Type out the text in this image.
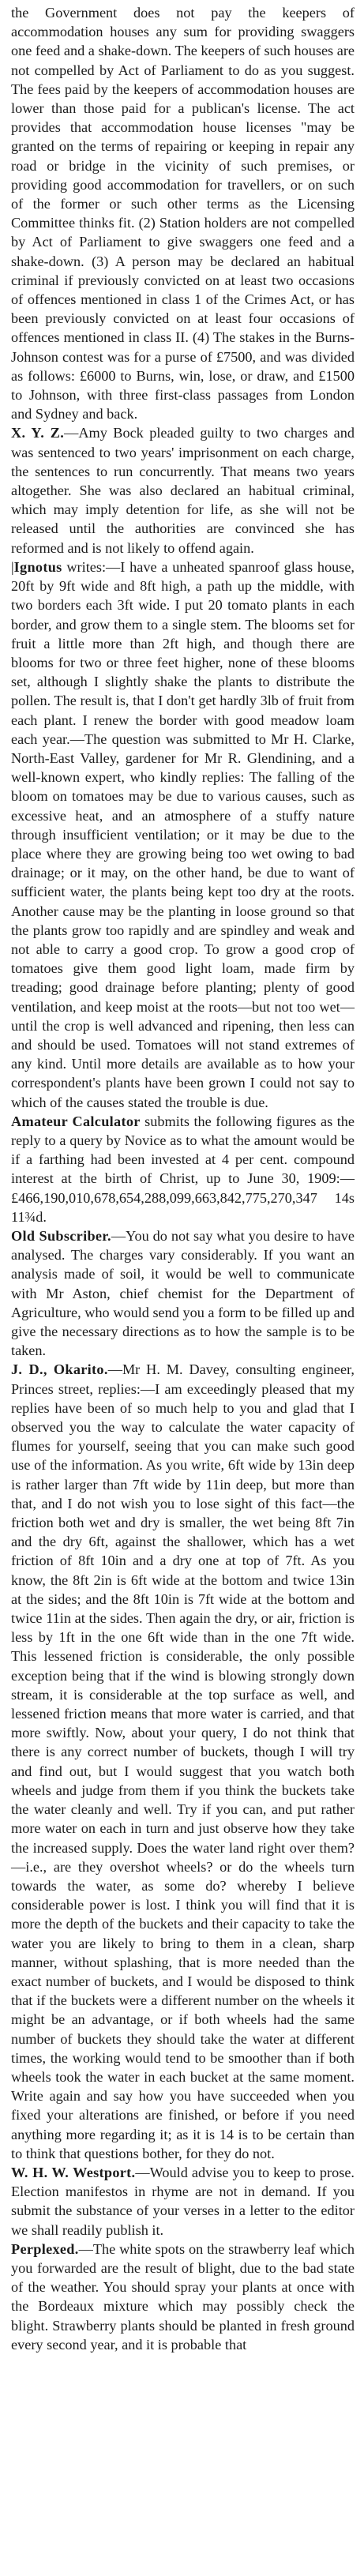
the Government does not pay the keepers of accommodation houses any sum for providing swaggers one feed and a shake-down. The keepers of such houses are not compelled by Act of Parliament to do as you suggest. The fees paid by the keepers of accommodation houses are lower than those paid for a publican's license. The act provides that accommodation house licenses "may be granted on the terms of repairing or keeping in repair any road or bridge in the vicinity of such premises, or providing good accommodation for travellers, or on such of the former or such other terms as the Licensing Committee thinks fit. (2) Station holders are not compelled by Act of Parliament to give swaggers one feed and a shake-down. (3) A person may be declared an habitual criminal if previously convicted on at least two occasions of offences mentioned in class 1 of the Crimes Act, or has been previously convicted on at least four occasions of offences mentioned in class II. (4) The stakes in the Burns-Johnson contest was for a purse of £7500, and was divided as follows: £6000 to Burns, win, lose, or draw, and £1500 to Johnson, with three first-class passages from London and Sydney and back.

X. Y. Z.—Amy Bock pleaded guilty to two charges and was sentenced to two years' imprisonment on each charge, the sentences to run concurrently. That means two years altogether. She was also declared an habitual criminal, which may imply detention for life, as she will not be released until the authorities are convinced she has reformed and is not likely to offend again.

|Ignotus writes:—I have a unheated spanroof glass house, 20ft by 9ft wide and 8ft high, a path up the middle, with two borders each 3ft wide. I put 20 tomato plants in each border, and grow them to a single stem. The blooms set for fruit a little more than 2ft high, and though there are blooms for two or three feet higher, none of these blooms set, although I slightly shake the plants to distribute the pollen. The result is, that I don't get hardly 3lb of fruit from each plant. I renew the border with good meadow loam each year.—The question was submitted to Mr H. Clarke, North-East Valley, gardener for Mr R. Glendining, and a well-known expert, who kindly replies: The falling of the bloom on tomatoes may be due to various causes, such as excessive heat, and an atmosphere of a stuffy nature through insufficient ventilation; or it may be due to the place where they are growing being too wet owing to bad drainage; or it may, on the other hand, be due to want of sufficient water, the plants being kept too dry at the roots. Another cause may be the planting in loose ground so that the plants grow too rapidly and are spindley and weak and not able to carry a good crop. To grow a good crop of tomatoes give them good light loam, made firm by treading; good drainage before planting; plenty of good ventilation, and keep moist at the roots—but not too wet—until the crop is well advanced and ripening, then less can and should be used. Tomatoes will not stand extremes of any kind. Until more details are available as to how your correspondent's plants have been grown I could not say to which of the causes stated the trouble is due.

Amateur Calculator submits the following figures as the reply to a query by Novice as to what the amount would be if a farthing had been invested at 4 per cent. compound interest at the birth of Christ, up to June 30, 1909:—£466,190,010,678,654,288,099,663,842,775,270,347 14s 11¾d.

Old Subscriber.—You do not say what you desire to have analysed. The charges vary considerably. If you want an analysis made of soil, it would be well to communicate with Mr Aston, chief chemist for the Department of Agriculture, who would send you a form to be filled up and give the necessary directions as to how the sample is to be taken.

J. D., Okarito.—Mr H. M. Davey, consulting engineer, Princes street, replies:—I am exceedingly pleased that my replies have been of so much help to you and glad that I observed you the way to calculate the water capacity of flumes for yourself, seeing that you can make such good use of the information. As you write, 6ft wide by 13in deep is rather larger than 7ft wide by 11in deep, but more than that, and I do not wish you to lose sight of this fact—the friction both wet and dry is smaller, the wet being 8ft 7in and the dry 6ft, against the shallower, which has a wet friction of 8ft 10in and a dry one at top of 7ft. As you know, the 8ft 2in is 6ft wide at the bottom and twice 13in at the sides; and the 8ft 10in is 7ft wide at the bottom and twice 11in at the sides. Then again the dry, or air, friction is less by 1ft in the one 6ft wide than in the one 7ft wide. This lessened friction is considerable, the only possible exception being that if the wind is blowing strongly down stream, it is considerable at the top surface as well, and lessened friction means that more water is carried, and that more swiftly. Now, about your query, I do not think that there is any correct number of buckets, though I will try and find out, but I would suggest that you watch both wheels and judge from them if you think the buckets take the water cleanly and well. Try if you can, and put rather more water on each in turn and just observe how they take the increased supply. Does the water land right over them?—i.e., are they overshot wheels? or do the wheels turn towards the water, as some do? whereby I believe considerable power is lost. I think you will find that it is more the depth of the buckets and their capacity to take the water you are likely to bring to them in a clean, sharp manner, without splashing, that is more needed than the exact number of buckets, and I would be disposed to think that if the buckets were a different number on the wheels it might be an advantage, or if both wheels had the same number of buckets they should take the water at different times, the working would tend to be smoother than if both wheels took the water in each bucket at the same moment. Write again and say how you have succeeded when you fixed your alterations are finished, or before if you need anything more regarding it; as it is 14 is to be certain than to think that questions bother, for they do not.

W. H. W. Westport.—Would advise you to keep to prose. Election manifestos in rhyme are not in demand. If you submit the substance of your verses in a letter to the editor we shall readily publish it.

Perplexed.—The white spots on the strawberry leaf which you forwarded are the result of blight, due to the bad state of the weather. You should spray your plants at once with the Bordeaux mixture which may possibly check the blight. Strawberry plants should be planted in fresh ground every second year, and it is probable that
